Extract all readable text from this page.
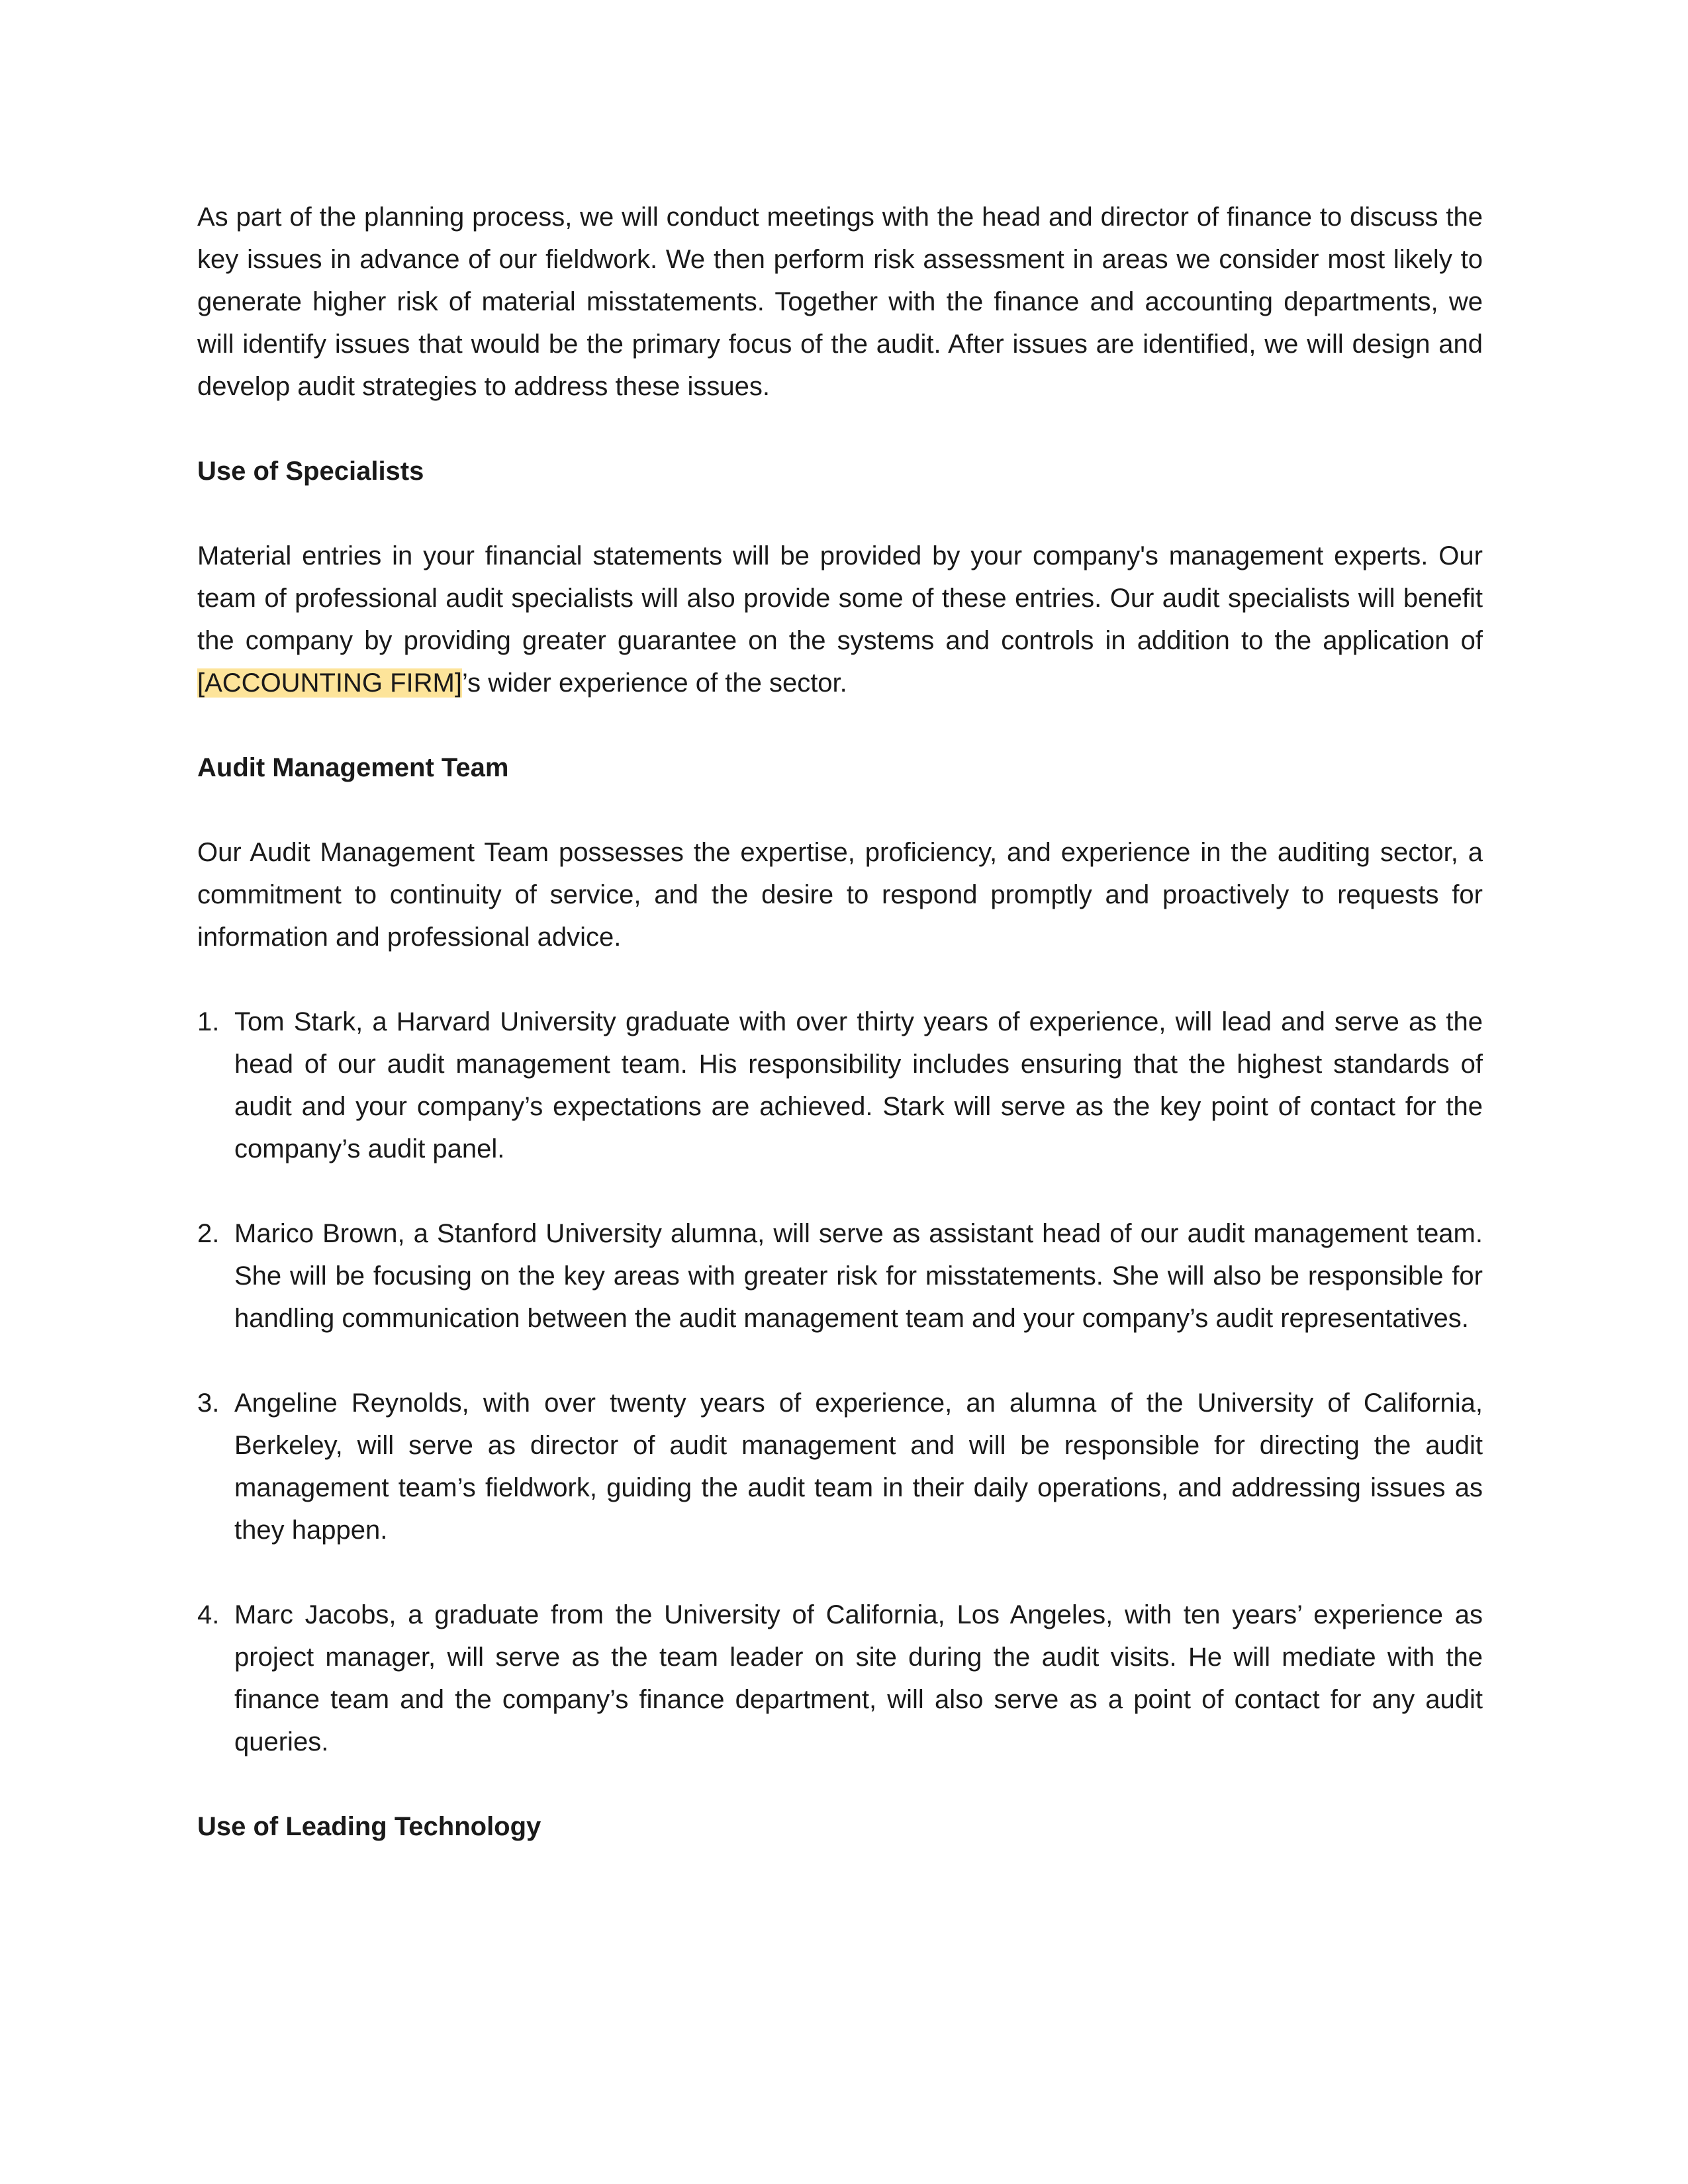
As part of the planning process, we will conduct meetings with the head and director of finance to discuss the key issues in advance of our fieldwork. We then perform risk assessment in areas we consider most likely to generate higher risk of material misstatements. Together with the finance and accounting departments, we will identify issues that would be the primary focus of the audit. After issues are identified, we will design and develop audit strategies to address these issues.

Use of Specialists

Material entries in your financial statements will be provided by your company's management experts. Our team of professional audit specialists will also provide some of these entries. Our audit specialists will benefit the company by providing greater guarantee on the systems and controls in addition to the application of [ACCOUNTING FIRM]’s wider experience of the sector.

Audit Management Team

Our Audit Management Team possesses the expertise, proficiency, and experience in the auditing sector, a commitment to continuity of service, and the desire to respond promptly and proactively to requests for information and professional advice.

1. Tom Stark, a Harvard University graduate with over thirty years of experience, will lead and serve as the head of our audit management team. His responsibility includes ensuring that the highest standards of audit and your company’s expectations are achieved. Stark will serve as the key point of contact for the company’s audit panel.
2. Marico Brown, a Stanford University alumna, will serve as assistant head of our audit management team. She will be focusing on the key areas with greater risk for misstatements. She will also be responsible for handling communication between the audit management team and your company’s audit representatives.
3. Angeline Reynolds, with over twenty years of experience, an alumna of the University of California, Berkeley, will serve as director of audit management and will be responsible for directing the audit management team’s fieldwork, guiding the audit team in their daily operations, and addressing issues as they happen.
4. Marc Jacobs, a graduate from the University of California, Los Angeles, with ten years’ experience as project manager, will serve as the team leader on site during the audit visits. He will mediate with the finance team and the company’s finance department, will also serve as a point of contact for any audit queries.
Use of Leading Technology
